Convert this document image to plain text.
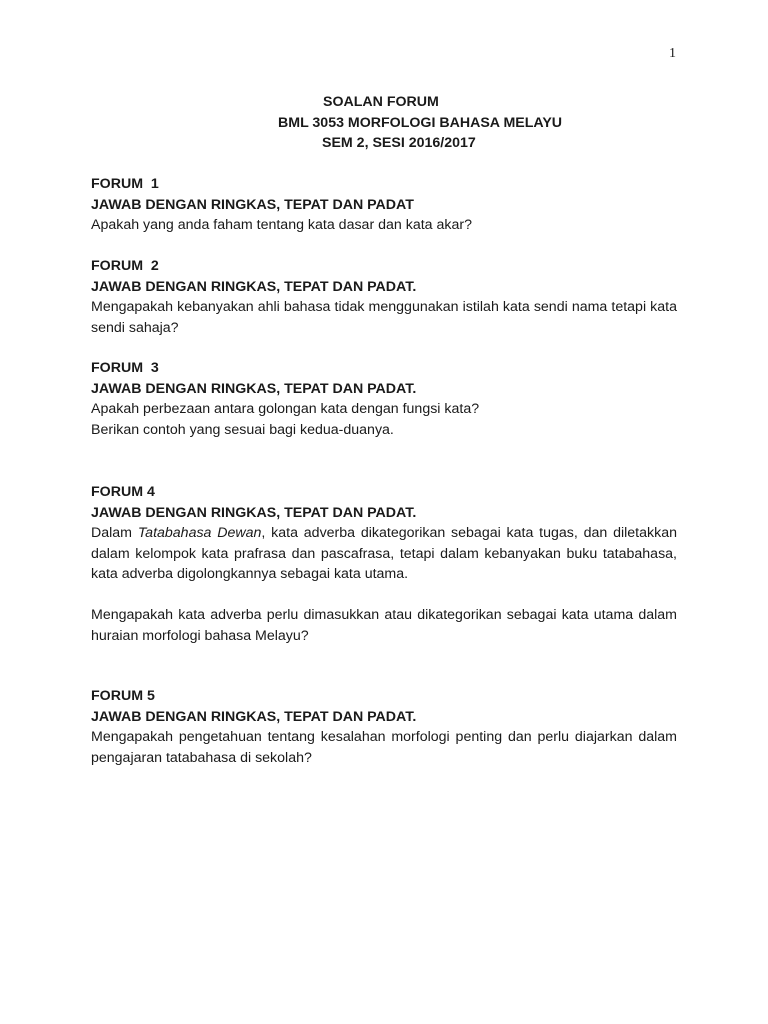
1
SOALAN FORUM
BML 3053 MORFOLOGI BAHASA MELAYU
SEM 2, SESI 2016/2017
FORUM  1
JAWAB DENGAN RINGKAS, TEPAT DAN PADAT
Apakah yang anda faham tentang kata dasar dan kata akar?
FORUM  2
JAWAB DENGAN RINGKAS, TEPAT DAN PADAT.
Mengapakah kebanyakan ahli bahasa tidak menggunakan istilah kata sendi nama tetapi kata sendi sahaja?
FORUM  3
JAWAB DENGAN RINGKAS, TEPAT DAN PADAT.
Apakah perbezaan antara golongan kata dengan fungsi kata?
Berikan contoh yang sesuai bagi kedua-duanya.
FORUM 4
JAWAB DENGAN RINGKAS, TEPAT DAN PADAT.
Dalam Tatabahasa Dewan, kata adverba dikategorikan sebagai kata tugas, dan diletakkan dalam kelompok kata prafrasa dan pascafrasa, tetapi dalam kebanyakan buku tatabahasa, kata adverba digolongkannya sebagai kata utama.
Mengapakah kata adverba perlu dimasukkan atau dikategorikan sebagai kata utama dalam huraian morfologi bahasa Melayu?
FORUM 5
JAWAB DENGAN RINGKAS, TEPAT DAN PADAT.
Mengapakah pengetahuan tentang kesalahan morfologi penting dan perlu diajarkan dalam pengajaran tatabahasa di sekolah?
